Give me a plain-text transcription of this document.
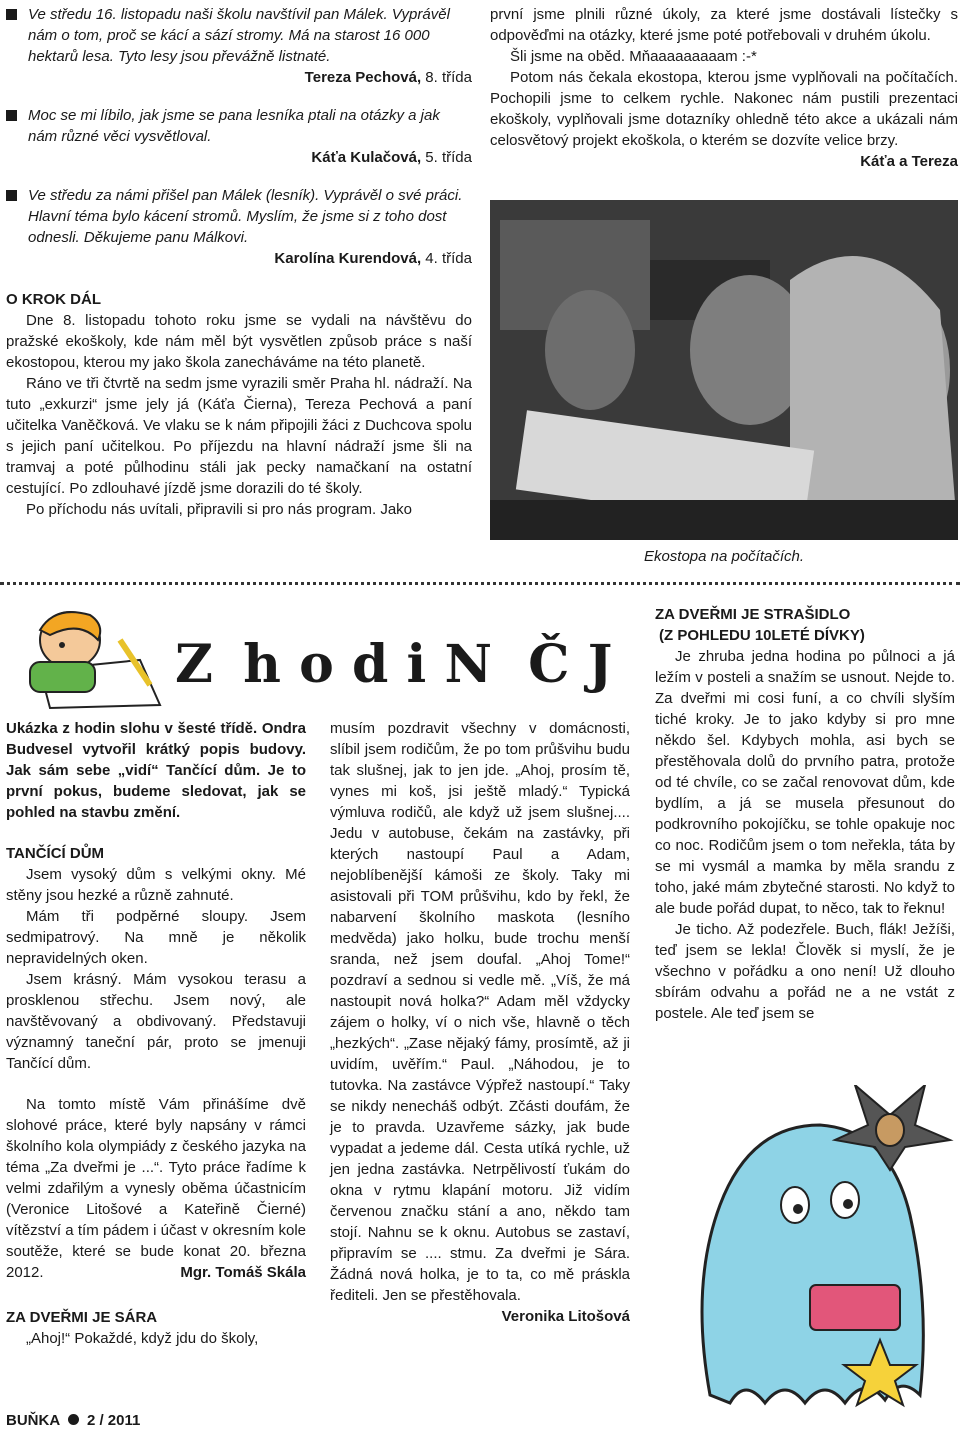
Ve středu 16. listopadu naši školu navštívil pan Málek. Vyprávěl nám o tom, proč se kácí a sází stromy. Má na starost 16 000 hektarů lesa. Tyto lesy jsou převážně listnaté.

Tereza Pechová, 8. třída

Moc se mi líbilo, jak jsme se pana lesníka ptali na otázky a jak nám různé věci vysvětloval.

Káťa Kulačová, 5. třída

Ve středu za námi přišel pan Málek (lesník). Vyprávěl o své práci. Hlavní téma bylo kácení stromů. Myslím, že jsme si z toho dost odnesli. Děkujeme panu Málkovi.

Karolína Kurendová, 4. třída

O KROK DÁL

Dne 8. listopadu tohoto roku jsme se vydali na návštěvu do pražské ekoškoly, kde nám měl být vysvětlen způsob práce s naší ekostopou, kterou my jako škola zanecháváme na této planetě.

Ráno ve tři čtvrtě na sedm jsme vyrazili směr Praha hl. nádraží. Na tuto „exkurzi“ jsme jely já (Káťa Čierna), Tereza Pechová a paní učitelka Vaněčková. Ve vlaku se k nám připojili žáci z Duchcova spolu s jejich paní učitelkou. Po příjezdu na hlavní nádraží jsme šli na tramvaj a poté půlhodinu stáli jak pecky namačkaní na ostatní cestující. Po zdlouhavé jízdě jsme dorazili do té školy.

Po příchodu nás uvítali, připravili si pro nás program. Jako

první jsme plnili různé úkoly, za které jsme dostávali lístečky s odpověďmi na otázky, které jsme poté potřebovali v druhém úkolu.

Šli jsme na oběd. Mňaaaaaaaaam :-*

Potom nás čekala ekostopa, kterou jsme vyplňovali na počítačích. Pochopili jsme to celkem rychle. Nakonec nám pustili prezentaci ekoškoly, vyplňovali jsme dotazníky ohledně této akce a ukázali nám celosvětový projekt ekoškola, o kterém se dozvíte velice brzy.

Káťa a Tereza

Ekostopa na počítačích.

Z h o d i N Č J

Ukázka z hodin slohu v šesté třídě. Ondra Budvesel vytvořil krátký popis budovy. Jak sám sebe „vidí“ Tančící dům. Je to první pokus, budeme sledovat, jak se pohled na stavbu změní.

TANČÍCÍ DŮM

Jsem vysoký dům s velkými okny. Mé stěny jsou hezké a různě zahnuté.

Mám tři podpěrné sloupy. Jsem sedmipatrový. Na mně je několik nepravidelných oken.

Jsem krásný. Mám vysokou terasu a prosklenou střechu. Jsem nový, ale navštěvovaný a obdivovaný. Představuji významný taneční pár, proto se jmenuji Tančící dům.

Na tomto místě Vám přinášíme dvě slohové práce, které byly napsány v rámci školního kola olympiády z českého jazyka na téma „Za dveřmi je ...“. Tyto práce řadíme k velmi zdařilým a vynesly oběma účastnicím (Veronice Litošové a Kateřině Čierné) vítězství a tím pádem i účast v okresním kole soutěže, které se bude konat 20. března 2012.	Mgr. Tomáš Skála

ZA DVEŘMI JE SÁRA

„Ahoj!“ Pokaždé, když jdu do školy,

musím pozdravit všechny v domácnosti, slíbil jsem rodičům, že po tom průšvihu budu tak slušnej, jak to jen jde. „Ahoj, prosím tě, vynes mi koš, jsi ještě mladý.“ Typická výmluva rodičů, ale když už jsem slušnej.... Jedu v autobuse, čekám na zastávky, při kterých nastoupí Paul a Adam, nejoblíbenější kámoši ze školy. Taky mi asistovali při TOM průšvihu, kdo by řekl, že nabarvení školního maskota (lesního medvěda) jako holku, bude trochu menší sranda, než jsem doufal. „Ahoj Tome!“ pozdraví a sednou si vedle mě. „Víš, že má nastoupit nová holka?“ Adam měl vždycky zájem o holky, ví o nich vše, hlavně o těch „hezkých“. „Zase nějaký fámy, prosímtě, až ji uvidím, uvěřím.“ Paul. „Náhodou, je to tutovka. Na zastávce Výpřež nastoupí.“ Taky se nikdy nenecháš odbýt. Zčásti doufám, že je to pravda. Uzavřeme sázky, jak bude vypadat a jedeme dál. Cesta utíká rychle, už jen jedna zastávka. Netrpělivostí ťukám do okna v rytmu klapání motoru. Již vidím červenou značku stání a ano, někdo tam stojí. Nahnu se k oknu. Autobus se zastaví, připravím se .... stmu. Za dveřmi je Sára. Žádná nová holka, je to ta, co mě práskla řediteli. Jen se přestěhovala.

Veronika Litošová

ZA DVEŘMI JE STRAŠIDLO

(Z POHLEDU 10LETÉ DÍVKY)

Je zhruba jedna hodina po půlnoci a já ležím v posteli a snažím se usnout. Nejde to. Za dveřmi mi cosi funí, a co chvíli slyším tiché kroky. Je to jako kdyby si pro mne někdo šel. Kdybych mohla, asi bych se přestěhovala dolů do prvního patra, protože od té chvíle, co se začal renovovat dům, kde bydlím, a já se musela přesunout do podkrovního pokojíčku, se tohle opakuje noc co noc. Rodičům jsem o tom neřekla, táta by se mi vysmál a mamka by měla srandu z toho, jaké mám zbytečné starosti. No když to ale bude pořád dupat, to něco, tak to řeknu!

Je ticho. Až podezřele. Buch, flák! Ježíši, teď jsem se lekla! Člověk si myslí, že je všechno v pořádku a ono není! Už dlouho sbírám odvahu a pořád ne a ne vstát z postele. Ale teď jsem se

BUŇKA 2 / 2011
